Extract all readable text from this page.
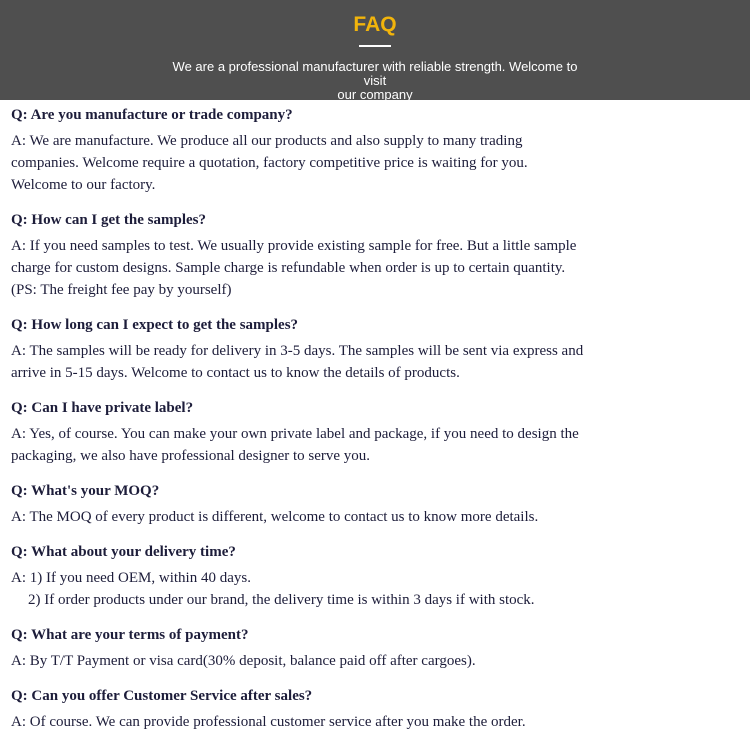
FAQ
We are a professional manufacturer with reliable strength. Welcome to visit
our company
Q: Are you manufacture or trade company?
A: We are manufacture. We produce all our products and also supply to many trading
companies. Welcome require a quotation, factory competitive price is waiting for you.
Welcome to our factory.
Q: How can I get the samples?
A: If you need samples to test. We usually provide existing sample for free. But a little sample
charge for custom designs. Sample charge is refundable when order is up to certain quantity.
(PS: The freight fee pay by yourself)
Q: How long can I expect to get the samples?
A: The samples will be ready for delivery in 3-5 days. The samples will be sent via express and
arrive in 5-15 days. Welcome to contact us to know the details of products.
Q: Can I have private label?
A: Yes, of course. You can make your own private label and package, if you need to design the
packaging, we also have professional designer to serve you.
Q: What's your MOQ?
A: The MOQ of every product is different, welcome to contact us to know more details.
Q: What about your delivery time?
A: 1) If you need OEM, within 40 days.
2) If order products under our brand, the delivery time is within 3 days if with stock.
Q: What are your terms of payment?
A: By T/T Payment or visa card(30% deposit, balance paid off after cargoes).
Q: Can you offer Customer Service after sales?
A: Of course. We can provide professional customer service after you make the order.
